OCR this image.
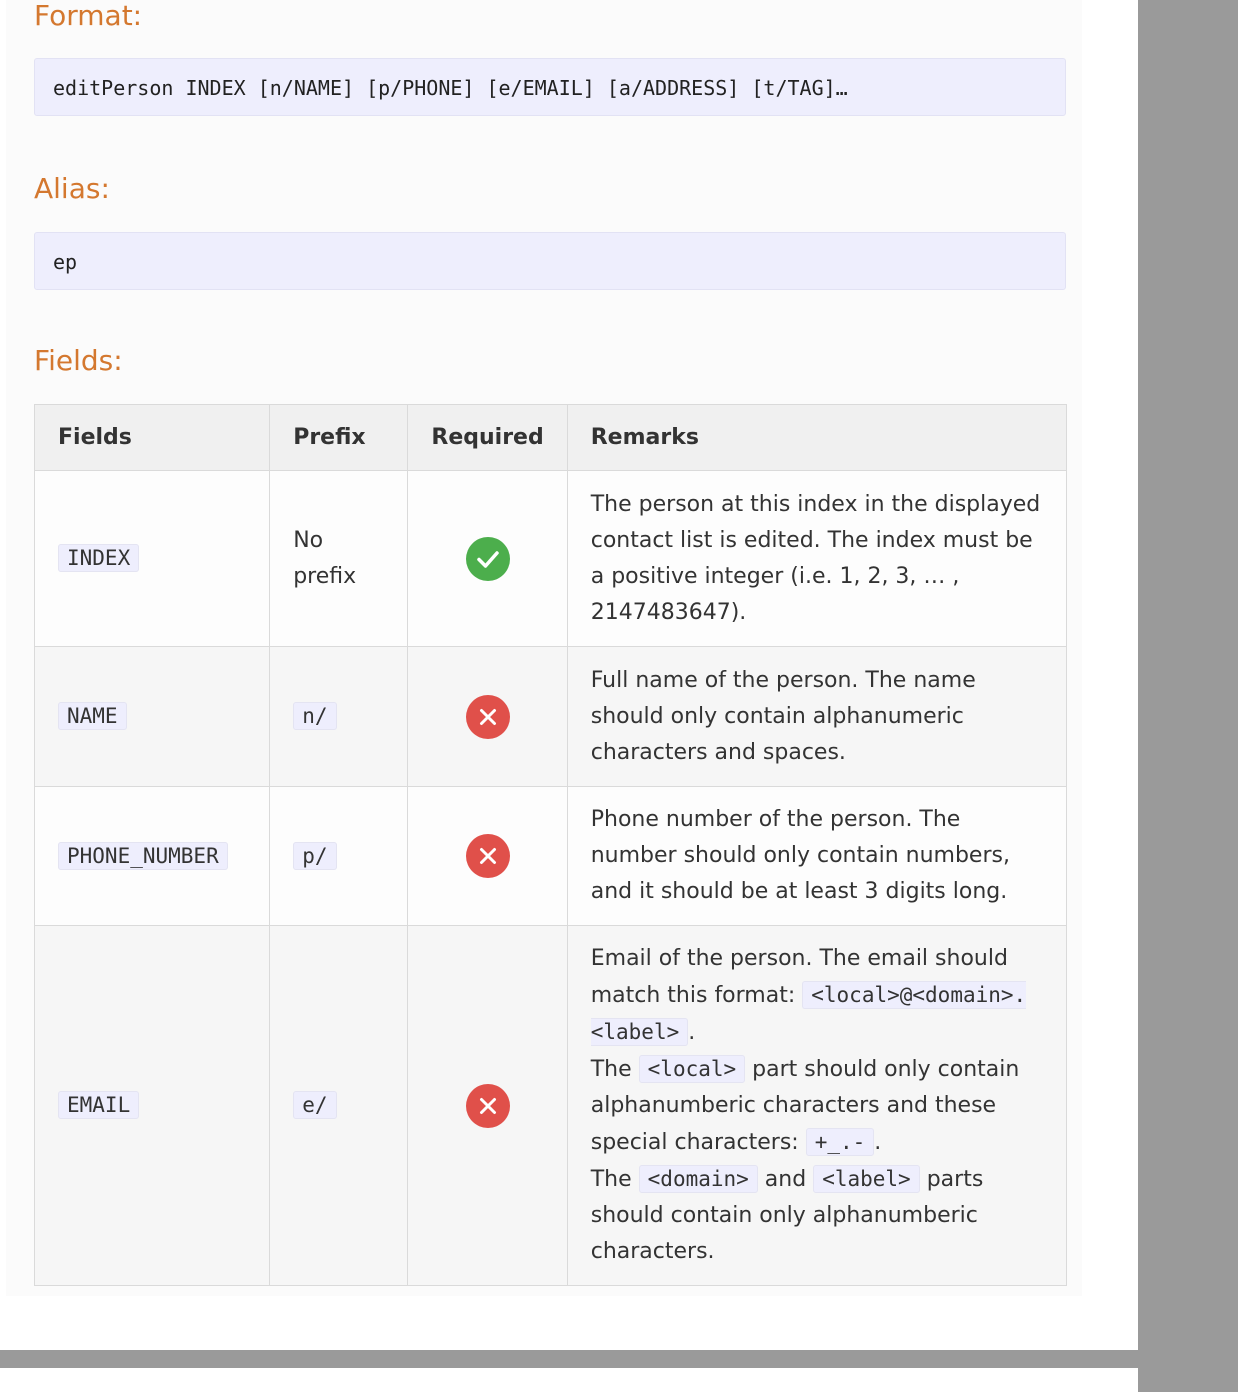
Format:
editPerson INDEX [n/NAME] [p/PHONE] [e/EMAIL] [a/ADDRESS] [t/TAG]…
Alias:
ep
Fields:
Fields	Prefix	Required	Remarks
INDEX	No prefix		The person at this index in the displayed contact list is edited. The index must be a positive integer (i.e. 1, 2, 3, … , 2147483647).
NAME	n/		Full name of the person. The name should only contain alphanumeric characters and spaces.
PHONE_NUMBER	p/		Phone number of the person. The number should only contain numbers, and it should be at least 3 digits long.
EMAIL	e/		Email of the person. The email should match this format: <local>@<domain>.<label> .
The <local> part should only contain alphanumberic characters and these special characters: +_.- .
The <domain> and <label> parts should contain only alphanumberic characters.
